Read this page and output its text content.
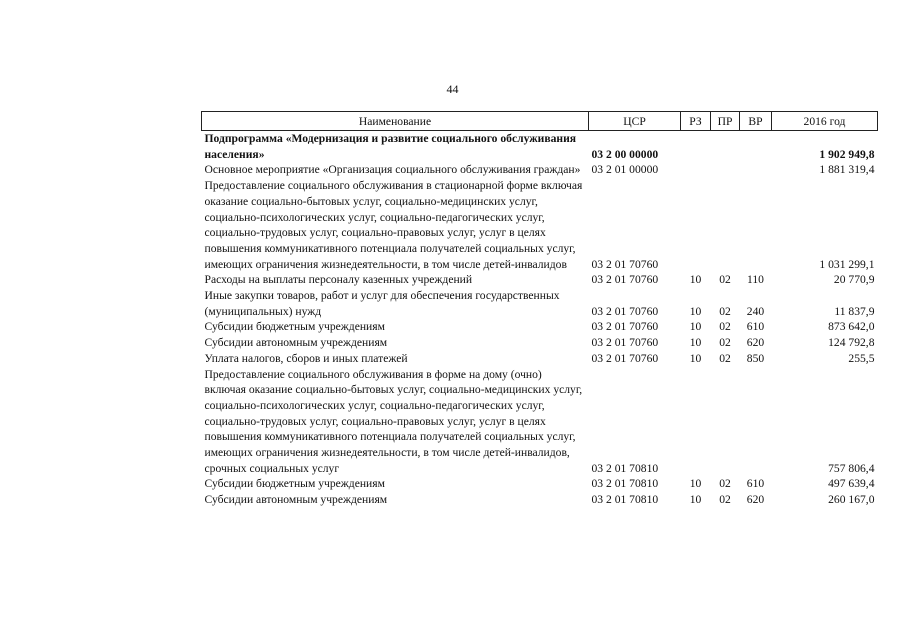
44
Наименование	ЦСР	РЗ	ПР	ВР	2016 год
Подпрограмма «Модернизация и развитие социального обслуживания населения»	03 2 00 00000				1 902 949,8
Основное мероприятие «Организация социального обслуживания граждан»	03 2 01 00000				1 881 319,4
Предоставление социального обслуживания в стационарной форме включая оказание социально-бытовых услуг, социально-медицинских услуг, социально-психологических услуг, социально-педагогических услуг, социально-трудовых услуг, социально-правовых услуг, услуг в целях повышения коммуникативного потенциала получателей социальных услуг, имеющих ограничения жизнедеятельности, в том числе детей-инвалидов	03 2 01 70760				1 031 299,1
Расходы на выплаты персоналу казенных учреждений	03 2 01 70760	10	02	110	20 770,9
Иные закупки товаров, работ и услуг для обеспечения государственных (муниципальных) нужд	03 2 01 70760	10	02	240	11 837,9
Субсидии бюджетным учреждениям	03 2 01 70760	10	02	610	873 642,0
Субсидии автономным учреждениям	03 2 01 70760	10	02	620	124 792,8
Уплата налогов, сборов и иных платежей	03 2 01 70760	10	02	850	255,5
Предоставление социального обслуживания в форме на дому (очно) включая оказание социально-бытовых услуг, социально-медицинских услуг, социально-психологических услуг, социально-педагогических услуг, социально-трудовых услуг, социально-правовых услуг, услуг в целях повышения коммуникативного потенциала получателей социальных услуг, имеющих ограничения жизнедеятельности, в том числе детей-инвалидов, срочных социальных услуг	03 2 01 70810				757 806,4
Субсидии бюджетным учреждениям	03 2 01 70810	10	02	610	497 639,4
Субсидии автономным учреждениям	03 2 01 70810	10	02	620	260 167,0
